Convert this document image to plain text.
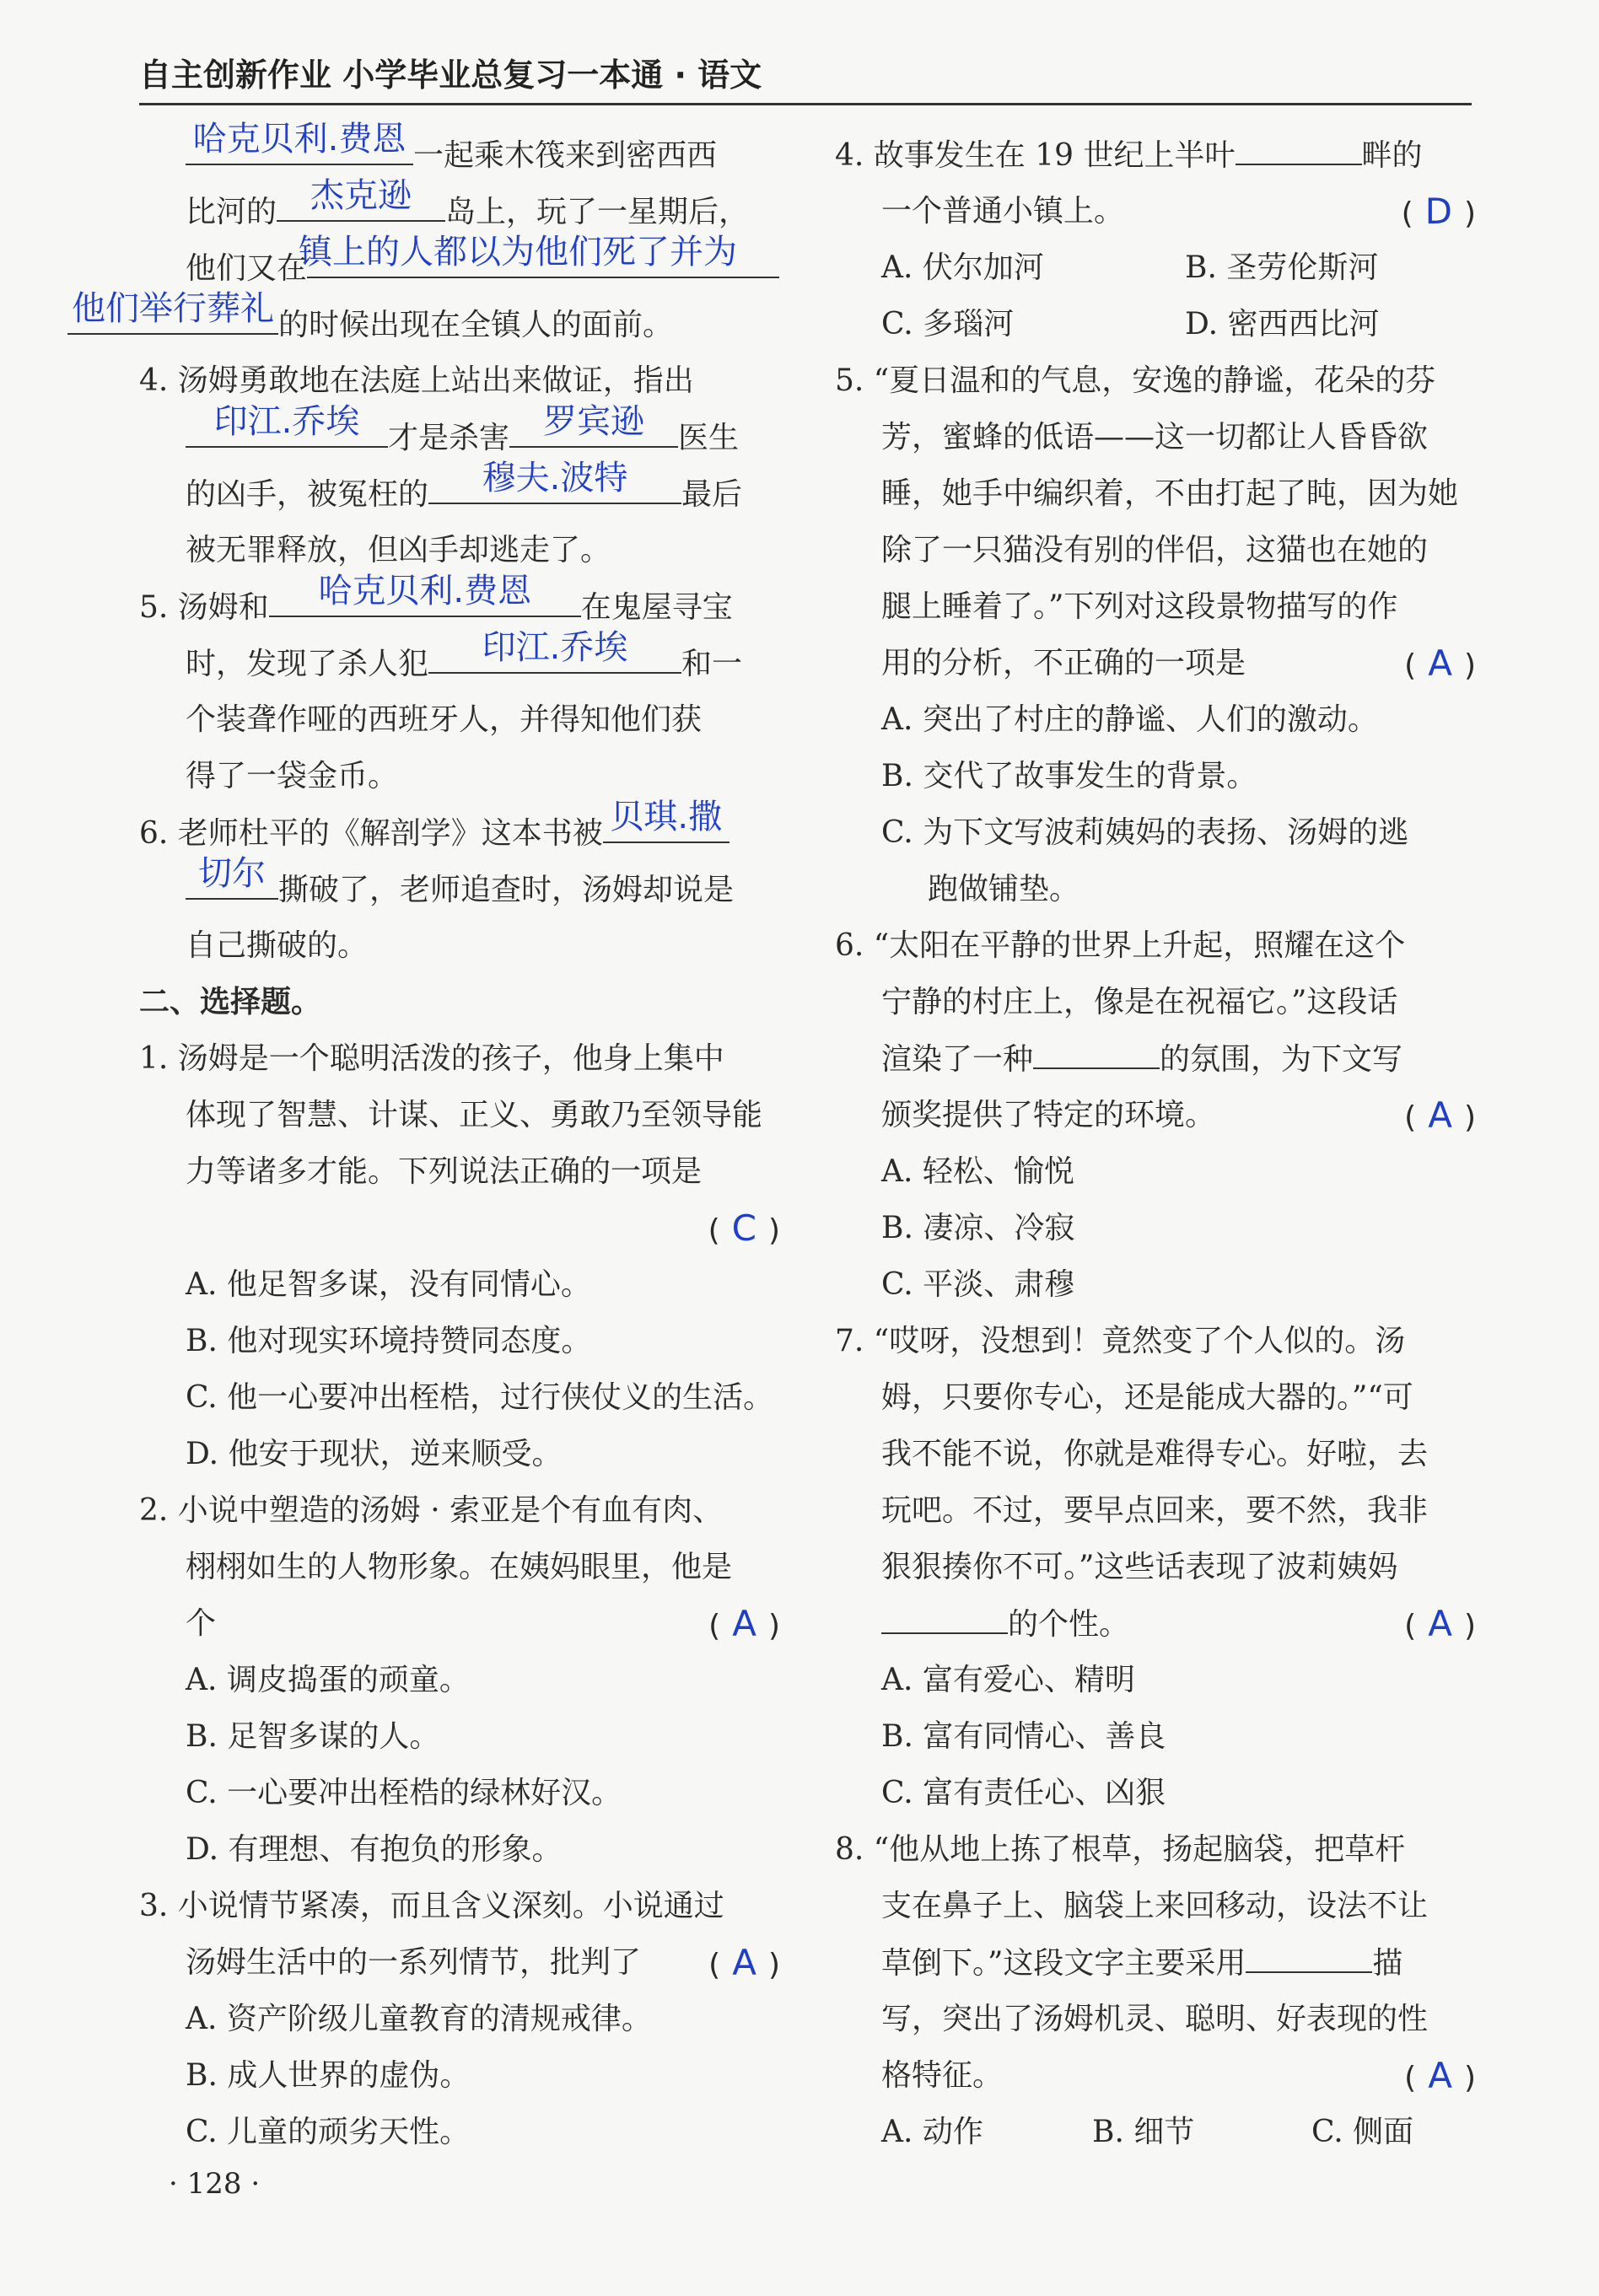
自主创新作业 小学毕业总复习一本通 · 语文
哈克贝利.费恩 一起乘木筏来到密西西
比河的 杰克逊 岛上，玩了一星期后，
他们又在镇上的人都以为他们死了并为
他们举行葬礼 的时候出现在全镇人的面前。
4. 汤姆勇敢地在法庭上站出来做证，指出
印江.乔埃 才是杀害 罗宾逊 医生
的凶手，被冤枉的 穆夫.波特 最后
被无罪释放，但凶手却逃走了。
5. 汤姆和 哈克贝利.费恩 在鬼屋寻宝
时，发现了杀人犯 印江.乔埃 和一
个装聋作哑的西班牙人，并得知他们获
得了一袋金币。
6. 老师杜平的《解剖学》这本书被 贝琪.撒
切尔 撕破了，老师追查时，汤姆却说是
自己撕破的。
二、选择题。
1. 汤姆是一个聪明活泼的孩子，他身上集中
体现了智慧、计谋、正义、勇敢乃至领导能
力等诸多才能。下列说法正确的一项是
( C )
A. 他足智多谋，没有同情心。
B. 他对现实环境持赞同态度。
C. 他一心要冲出桎梏，过行侠仗义的生活。
D. 他安于现状，逆来顺受。
2. 小说中塑造的汤姆 · 索亚是个有血有肉、
栩栩如生的人物形象。在姨妈眼里，他是
个	( A )
A. 调皮捣蛋的顽童。
B. 足智多谋的人。
C. 一心要冲出桎梏的绿林好汉。
D. 有理想、有抱负的形象。
3. 小说情节紧凑，而且含义深刻。小说通过
汤姆生活中的一系列情节，批判了 ( A )
A. 资产阶级儿童教育的清规戒律。
B. 成人世界的虚伪。
C. 儿童的顽劣天性。
4. 故事发生在 19 世纪上半叶	畔的
一个普通小镇上。	( D )
A. 伏尔加河	B. 圣劳伦斯河
C. 多瑙河	D. 密西西比河
5. “夏日温和的气息，安逸的静谧，花朵的芬
芳，蜜蜂的低语——这一切都让人昏昏欲
睡，她手中编织着，不由打起了盹，因为她
除了一只猫没有别的伴侣，这猫也在她的
腿上睡着了。”下列对这段景物描写的作
用的分析，不正确的一项是	( A )
A. 突出了村庄的静谧、人们的激动。
B. 交代了故事发生的背景。
C. 为下文写波莉姨妈的表扬、汤姆的逃
跑做铺垫。
6. “太阳在平静的世界上升起，照耀在这个
宁静的村庄上，像是在祝福它。”这段话
渲染了一种	的氛围，为下文写
颁奖提供了特定的环境。	( A )
A. 轻松、愉悦
B. 凄凉、冷寂
C. 平淡、肃穆
7. “哎呀，没想到！竟然变了个人似的。汤
姆，只要你专心，还是能成大器的。”“可
我不能不说，你就是难得专心。好啦，去
玩吧。不过，要早点回来，要不然，我非
狠狠揍你不可。”这些话表现了波莉姨妈
的个性。	( A )
A. 富有爱心、精明
B. 富有同情心、善良
C. 富有责任心、凶狠
8. “他从地上拣了根草，扬起脑袋，把草杆
支在鼻子上、脑袋上来回移动，设法不让
草倒下。”这段文字主要采用	描
写，突出了汤姆机灵、聪明、好表现的性
格特征。	( A )
A. 动作	B. 细节	C. 侧面
· 128 ·
